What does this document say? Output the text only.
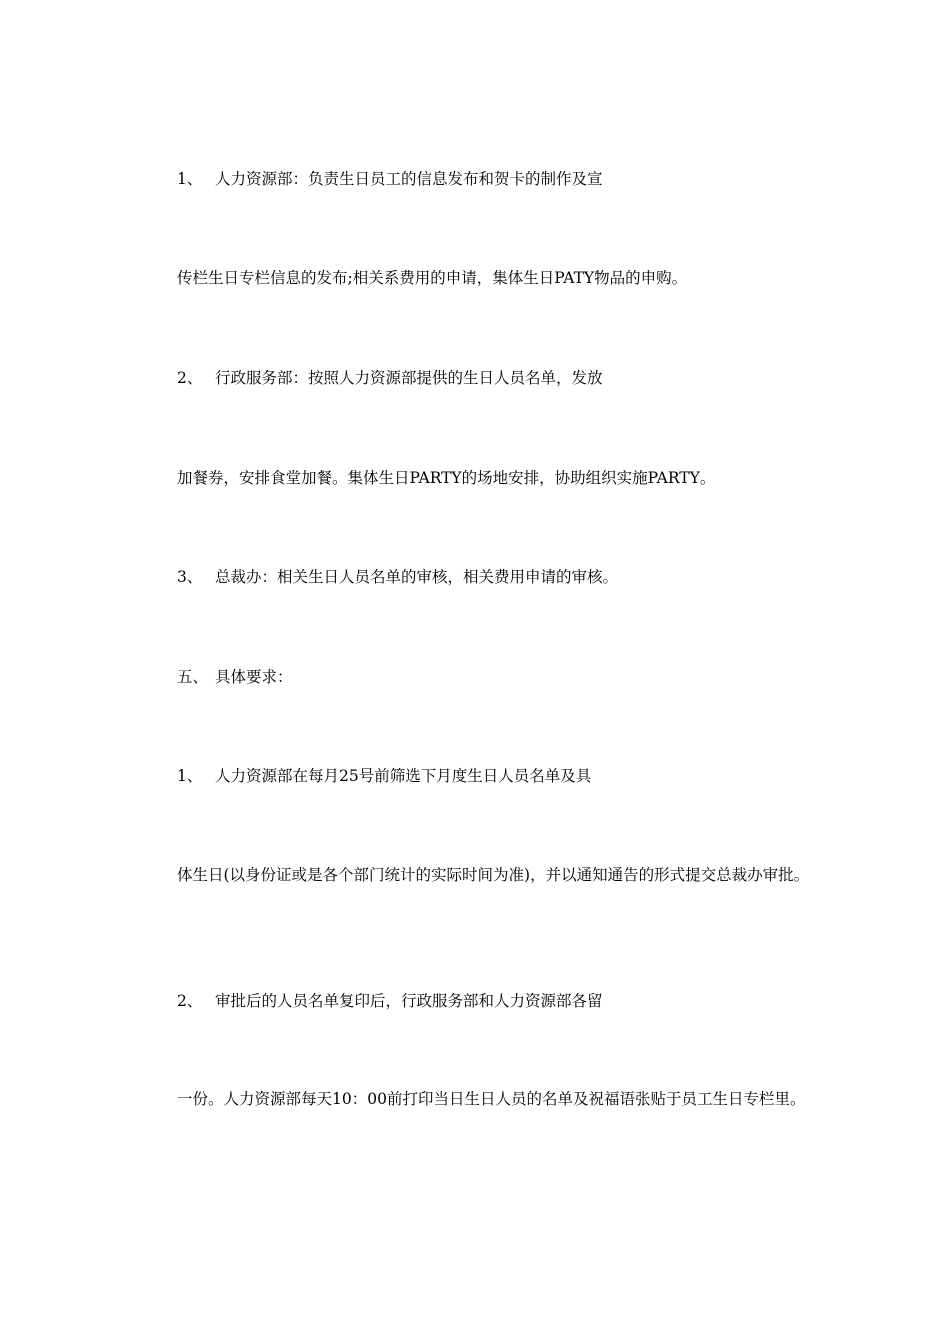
1、 人力资源部：负责生日员工的信息发布和贺卡的制作及宣

传栏生日专栏信息的发布;相关系费用的申请，集体生日PATY物品的申购。

2、 行政服务部：按照人力资源部提供的生日人员名单，发放

加餐券，安排食堂加餐。集体生日PARTY的场地安排，协助组织实施PARTY。

3、 总裁办：相关生日人员名单的审核，相关费用申请的审核。

五、 具体要求：

1、 人力资源部在每月25号前筛选下月度生日人员名单及具

体生日(以身份证或是各个部门统计的实际时间为准)，并以通知通告的形式提交总裁办审批。

2、 审批后的人员名单复印后，行政服务部和人力资源部各留

一份。人力资源部每天10：00前打印当日生日人员的名单及祝福语张贴于员工生日专栏里。
